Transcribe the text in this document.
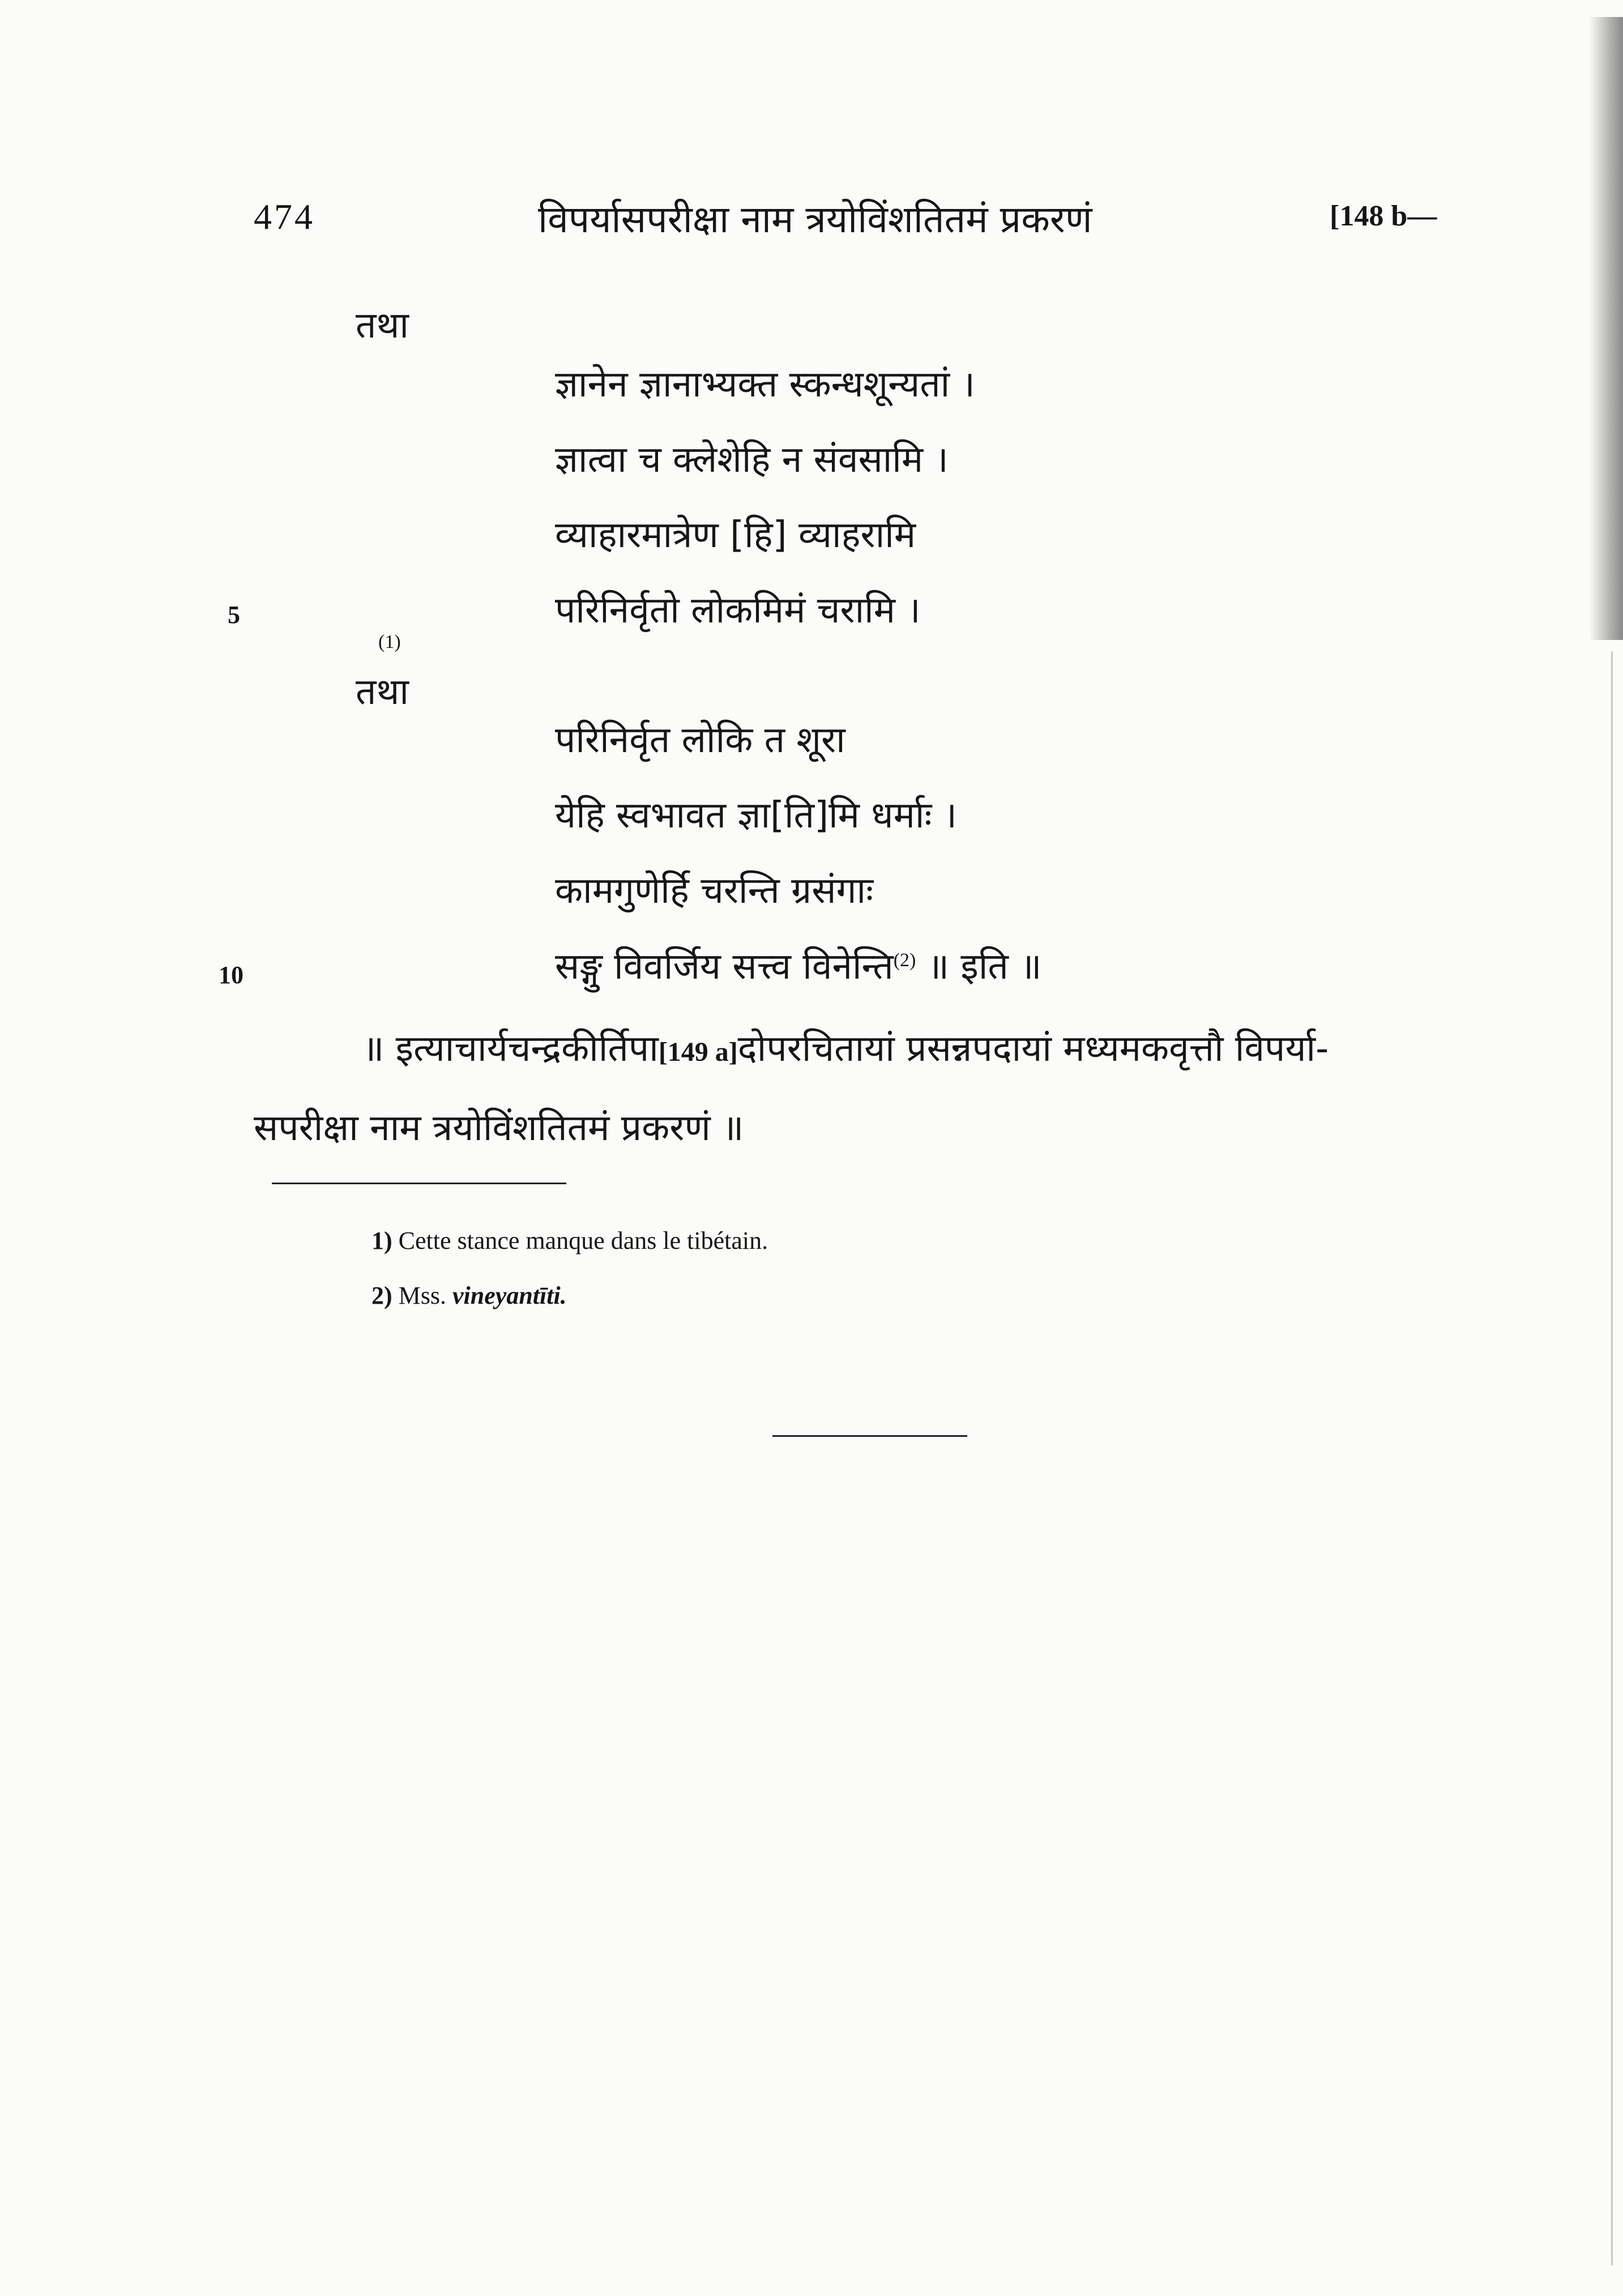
474	विपर्यासपरीक्षा नाम त्रयोविंशतितमं प्रकरणं	[148 b—
तथा
ज्ञानेन ज्ञानाभ्यक्त स्कन्धशून्यतां ।
ज्ञात्वा च क्लेशेहि न संवसामि ।
व्याहारमात्रेण [हि] व्याहरामि
परिनिर्वृतो लोकमिमं चरामि ।
5
(1)
तथा
परिनिर्वृत लोकि त शूरा
येहि स्वभावत ज्ञा[ति]मि धर्माः ।
कामगुणेर्हि चरन्ति ग्रसंगाः
सङ्गु विवर्जिय सत्त्व विनेन्ति$^{(2)}$ ॥ इति ॥
10
॥ इत्याचार्यचन्द्रकीर्तिपा[149 a]दोपरचितायां प्रसन्नपदायां मध्यमकवृत्तौ विपर्या-
सपरीक्षा नाम त्रयोविंशतितमं प्रकरणं ॥
1) Cette stance manque dans le tibétain.
2) Mss. vineyantīti.
